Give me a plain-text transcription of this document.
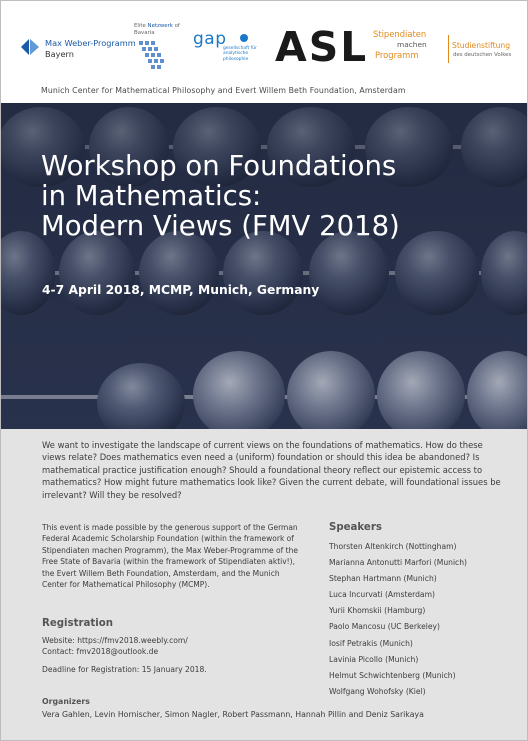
Max Weber-Programm
Bayern
Elite Netzwerk of Bavaria	gap
gesellschaft für analytische philosophie ASL Stipendiaten
machen
Programm
Studienstiftung
des deutschen Volkes
Munich Center for Mathematical Philosophy and Evert Willem Beth Foundation, Amsterdam
Workshop on Foundations
in Mathematics:
Modern Views (FMV 2018)
4-7 April 2018, MCMP, Munich, Germany

We want to investigate the landscape of current views on the foundations of mathematics. How do these views relate? Does mathematics even need a (uniform) foundation or should this idea be abandoned? Is mathematical practice justification enough? Should a foundational theory reflect our epistemic access to mathematics? How might future mathematics look like? Given the current debate, will foundational issues be irrelevant? Will they be resolved?

This event is made possible by the generous support of the German Federal Academic Scholarship Foundation (within the framework of Stipendiaten machen Programm), the Max Weber-Programme of the Free State of Bavaria (within the framework of Stipendiaten aktiv!), the Evert Willem Beth Foundation, Amsterdam, and the Munich Center for Mathematical Philosophy (MCMP).

Registration
Website: https://fmv2018.weebly.com/
Contact: fmv2018@outlook.de
Deadline for Registration: 15 January 2018.
Speakers
Thorsten Altenkirch (Nottingham)
Marianna Antonutti Marfori (Munich)
Stephan Hartmann (Munich)
Luca Incurvati (Amsterdam)
Yurii Khomskii (Hamburg)
Paolo Mancosu (UC Berkeley)
Iosif Petrakis (Munich)
Lavinia Picollo (Munich)
Helmut Schwichtenberg (Munich)
Wolfgang Wohofsky (Kiel)
Organizers
Vera Gahlen, Levin Hornischer, Simon Nagler, Robert Passmann, Hannah Pillin and Deniz Sarikaya
